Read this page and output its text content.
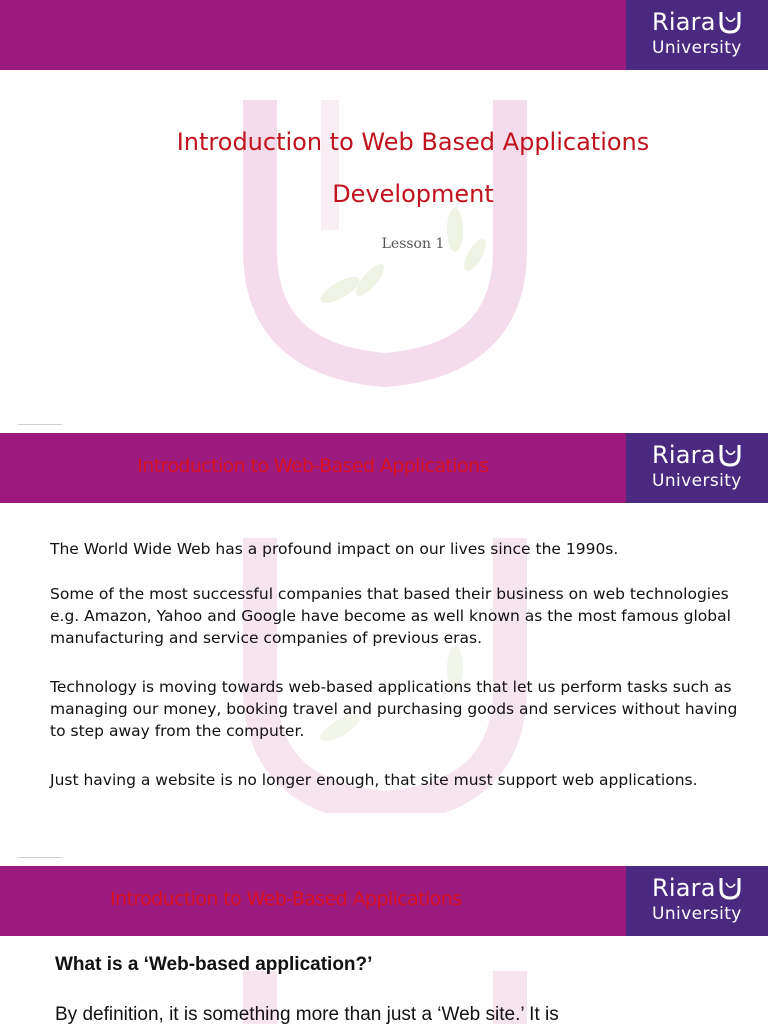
Riara
University
Introduction to Web Based Applications
Development
Lesson 1
Introduction to Web-Based Applications	Riara
University

The World Wide Web has a profound impact on our lives since the 1990s.

Some of the most successful companies that based their business on web technologies e.g. Amazon, Yahoo and Google have become as well known as the most famous global manufacturing and service companies of previous eras.

Technology is moving towards web-based applications that let us perform tasks such as managing our money, booking travel and purchasing goods and services without having to step away from the computer.

Just having a website is no longer enough, that site must support web applications.

Introduction to Web-Based Applications	Riara
University
What is a ‘Web-based application?’
By definition, it is something more than just a ‘Web site.’ It is
